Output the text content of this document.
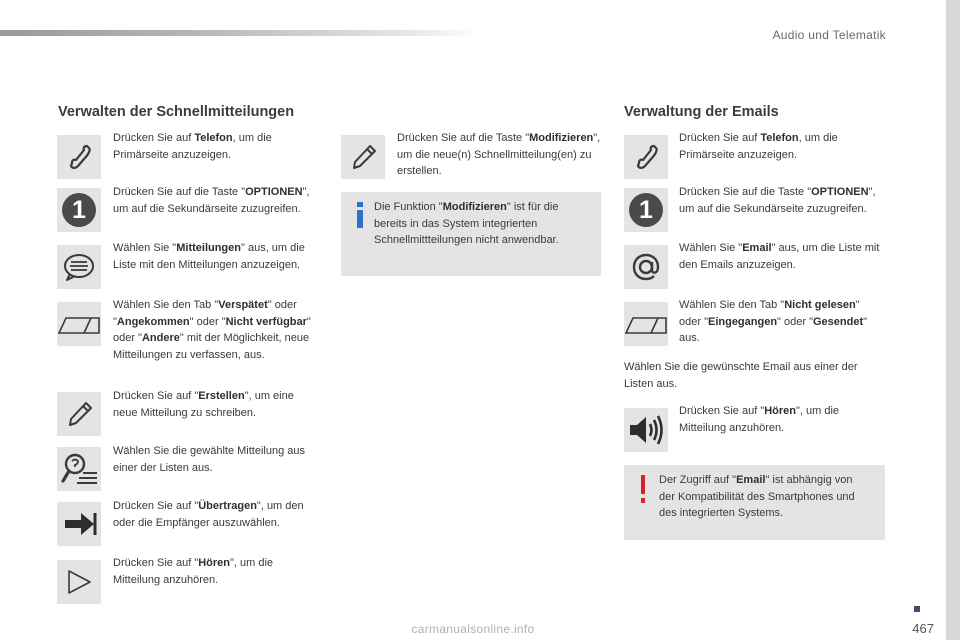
Audio und Telematik
Verwalten der Schnellmitteilungen
Drücken Sie auf Telefon, um die Primärseite anzuzeigen.
1
Drücken Sie auf die Taste "OPTIONEN", um auf die Sekundärseite zuzugreifen.
Wählen Sie "Mitteilungen" aus, um die Liste mit den Mitteilungen anzuzeigen.
Wählen Sie den Tab "Verspätet" oder "Angekommen" oder "Nicht verfügbar" oder "Andere" mit der Möglichkeit, neue Mitteilungen zu verfassen, aus.
Drücken Sie auf "Erstellen", um eine neue Mitteilung zu schreiben.
Wählen Sie die gewählte Mitteilung aus einer der Listen aus.
Drücken Sie auf "Übertragen", um den oder die Empfänger auszuwählen.
Drücken Sie auf "Hören", um die Mitteilung anzuhören.
Drücken Sie auf die Taste "Modifizieren", um die neue(n) Schnellmitteilung(en) zu erstellen.
Die Funktion "Modifizieren" ist für die bereits in das System integrierten Schnellmittteilungen nicht anwendbar.
Verwaltung der Emails
Drücken Sie auf Telefon, um die Primärseite anzuzeigen.
1
Drücken Sie auf die Taste "OPTIONEN", um auf die Sekundärseite zuzugreifen.
Wählen Sie "Email" aus, um die Liste mit den Emails anzuzeigen.
Wählen Sie den Tab "Nicht gelesen" oder "Eingegangen" oder "Gesendet" aus.
Wählen Sie die gewünschte Email aus einer der Listen aus.
Drücken Sie auf "Hören", um die Mitteilung anzuhören.
Der Zugriff auf "Email" ist abhängig von der Kompatibilität des Smartphones und des integrierten Systems.
467
carmanualsonline.info
